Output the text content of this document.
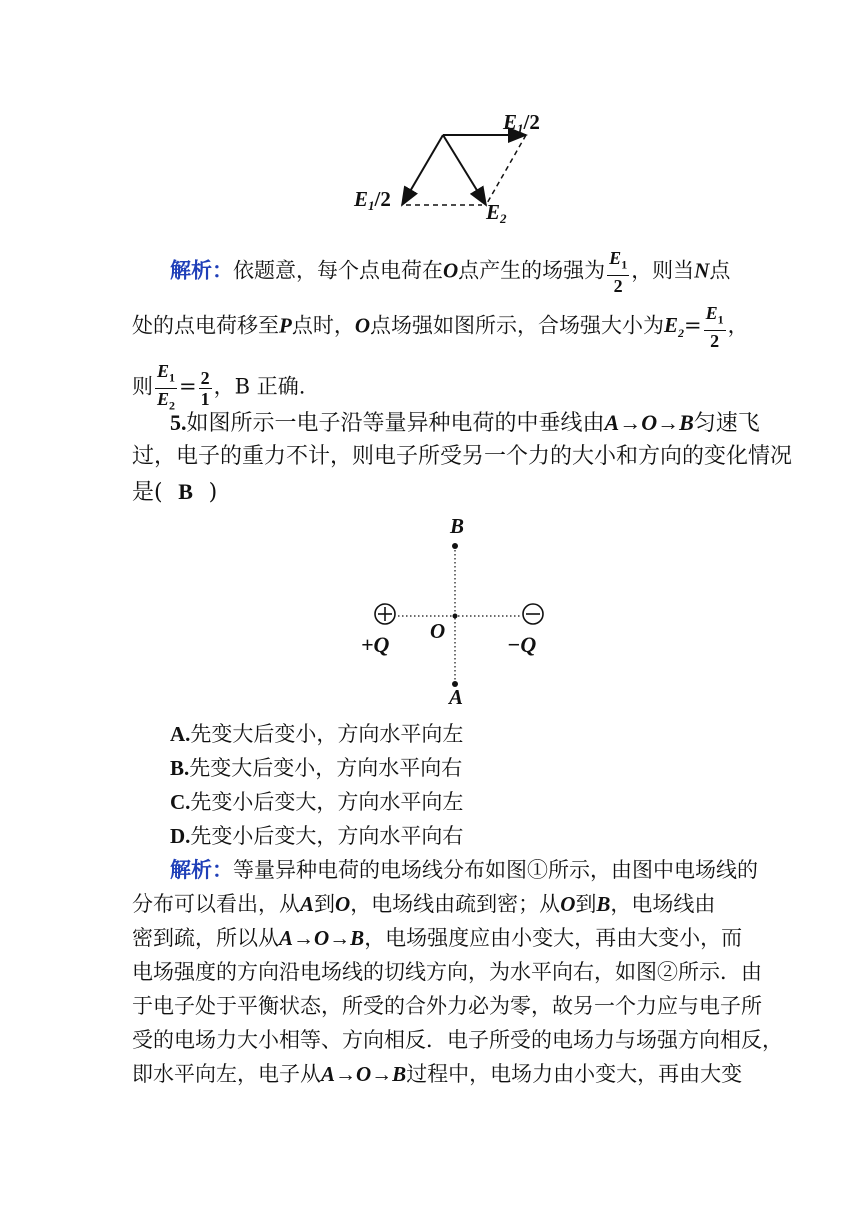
E1/2
E1/2
E2
解析：依题意，每个点电荷在O点产生的场强为 $\frac{E_1}{2}$ ，则当N点
处的点电荷移至P点时，O点场强如图所示，合场强大小为$E_2= \frac{E_1}{2}$ ，
则 $\frac{E_1}{E_2} = \frac{2}{1}$ ，B 正确.
5.如图所示一电子沿等量异种电荷的中垂线由A→O→B匀速飞
过，电子的重力不计，则电子所受另一个力的大小和方向的变化情况
是( B )
B
A
O
+Q	−Q
A.先变大后变小，方向水平向左
B.先变大后变小，方向水平向右
C.先变小后变大，方向水平向左
D.先变小后变大，方向水平向右
解析：等量异种电荷的电场线分布如图①所示，由图中电场线的
分布可以看出，从A到O，电场线由疏到密；从O到B，电场线由
密到疏，所以从A→O→B，电场强度应由小变大，再由大变小，而
电场强度的方向沿电场线的切线方向，为水平向右，如图②所示．由
于电子处于平衡状态，所受的合外力必为零，故另一个力应与电子所
受的电场力大小相等、方向相反．电子所受的电场力与场强方向相反，
即水平向左，电子从A→O→B过程中，电场力由小变大，再由大变
